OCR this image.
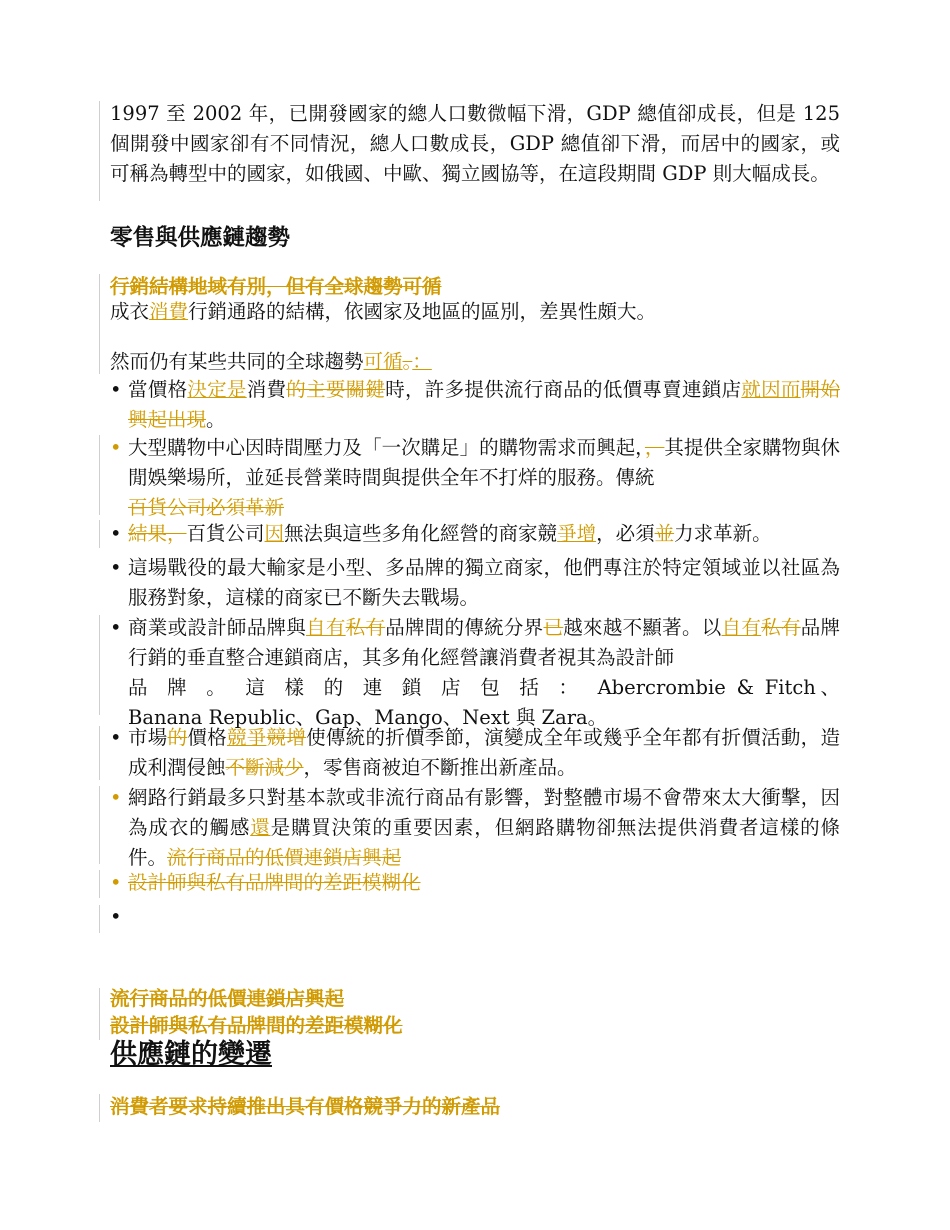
1997 至 2002 年，已開發國家的總人口數微幅下滑，GDP 總值卻成長，但是 125 個開發中國家卻有不同情況，總人口數成長，GDP 總值卻下滑，而居中的國家，或可稱為轉型中的國家，如俄國、中歐、獨立國協等，在這段期間 GDP 則大幅成長。
零售與供應鏈趨勢
行銷結構地域有別，但有全球趨勢可循
成衣消費行銷通路的結構，依國家及地區的區別，差異性頗大。
然而仍有某些共同的全球趨勢可循。：
• 當價格決定是消費的主要關鍵時，許多提供流行商品的低價專賣連鎖店就因而開始興起出現。
• 大型購物中心因時間壓力及「一次購足」的購物需求而興起，，其提供全家購物與休閒娛樂場所，並延長營業時間與提供全年不打烊的服務。傳統
百貨公司必須革新
• 結果，百貨公司因無法與這些多角化經營的商家競爭增，必須並力求革新。
• 這場戰役的最大輸家是小型、多品牌的獨立商家，他們專注於特定領域並以社區為服務對象，這樣的商家已不斷失去戰場。
• 商業或設計師品牌與自有私有品牌間的傳統分界已越來越不顯著。以自有私有品牌行銷的垂直整合連鎖商店，其多角化經營讓消費者視其為設計師
品牌。這樣的連鎖店包括：Abercrombie & Fitch、Banana Republic、Gap、Mango、Next 與 Zara。
• 市場的價格競爭競增使傳統的折價季節，演變成全年或幾乎全年都有折價活動，造成利潤侵蝕不斷減少，零售商被迫不斷推出新產品。
• 網路行銷最多只對基本款或非流行商品有影響，對整體市場不會帶來太大衝擊，因為成衣的觸感還是購買決策的重要因素，但網路購物卻無法提供消費者這樣的條件。流行商品的低價連鎖店興起
• 設計師與私有品牌間的差距模糊化
•
流行商品的低價連鎖店興起
設計師與私有品牌間的差距模糊化
供應鏈的變遷
消費者要求持續推出具有價格競爭力的新產品
